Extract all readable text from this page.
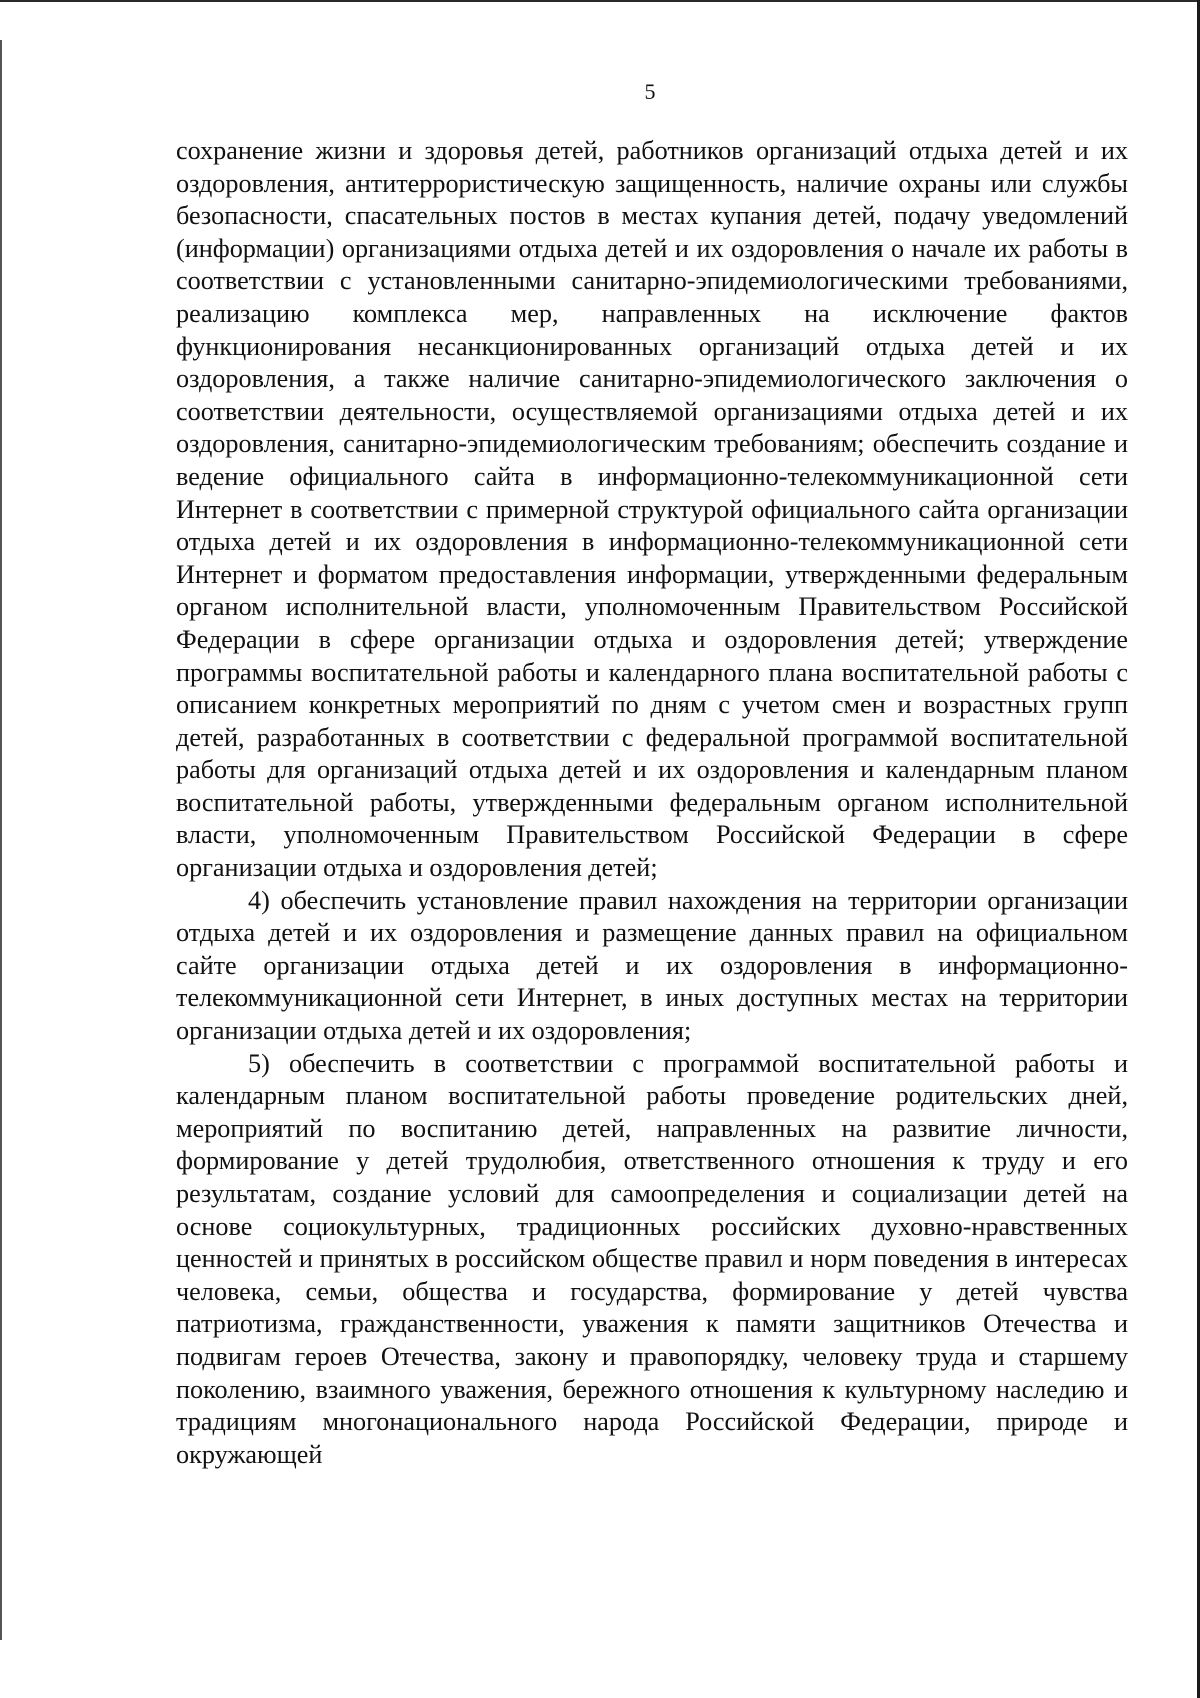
5

сохранение жизни и здоровья детей, работников организаций отдыха детей и их оздоровления, антитеррористическую защищенность, наличие охраны или службы безопасности, спасательных постов в местах купания детей, подачу уведомлений (информации) организациями отдыха детей и их оздоровления о начале их работы в соответствии с установленными санитарно-эпидемиологическими требованиями, реализацию комплекса мер, направленных на исключение фактов функционирования несанкционированных организаций отдыха детей и их оздоровления, а также наличие санитарно-эпидемиологического заключения о соответствии деятельности, осуществляемой организациями отдыха детей и их оздоровления, санитарно-эпидемиологическим требованиям; обеспечить создание и ведение официального сайта в информационно-телекоммуникационной сети Интернет в соответствии с примерной структурой официального сайта организации отдыха детей и их оздоровления в информационно-телекоммуникационной сети Интернет и форматом предоставления информации, утвержденными федеральным органом исполнительной власти, уполномоченным Правительством Российской Федерации в сфере организации отдыха и оздоровления детей; утверждение программы воспитательной работы и календарного плана воспитательной работы с описанием конкретных мероприятий по дням с учетом смен и возрастных групп детей, разработанных в соответствии с федеральной программой воспитательной работы для организаций отдыха детей и их оздоровления и календарным планом воспитательной работы, утвержденными федеральным органом исполнительной власти, уполномоченным Правительством Российской Федерации в сфере организации отдыха и оздоровления детей;

4) обеспечить установление правил нахождения на территории организации отдыха детей и их оздоровления и размещение данных правил на официальном сайте организации отдыха детей и их оздоровления в информационно-телекоммуникационной сети Интернет, в иных доступных местах на территории организации отдыха детей и их оздоровления;

5) обеспечить в соответствии с программой воспитательной работы и календарным планом воспитательной работы проведение родительских дней, мероприятий по воспитанию детей, направленных на развитие личности, формирование у детей трудолюбия, ответственного отношения к труду и его результатам, создание условий для самоопределения и социализации детей на основе социокультурных, традиционных российских духовно-нравственных ценностей и принятых в российском обществе правил и норм поведения в интересах человека, семьи, общества и государства, формирование у детей чувства патриотизма, гражданственности, уважения к памяти защитников Отечества и подвигам героев Отечества, закону и правопорядку, человеку труда и старшему поколению, взаимного уважения, бережного отношения к культурному наследию и традициям многонационального народа Российской Федерации, природе и окружающей
